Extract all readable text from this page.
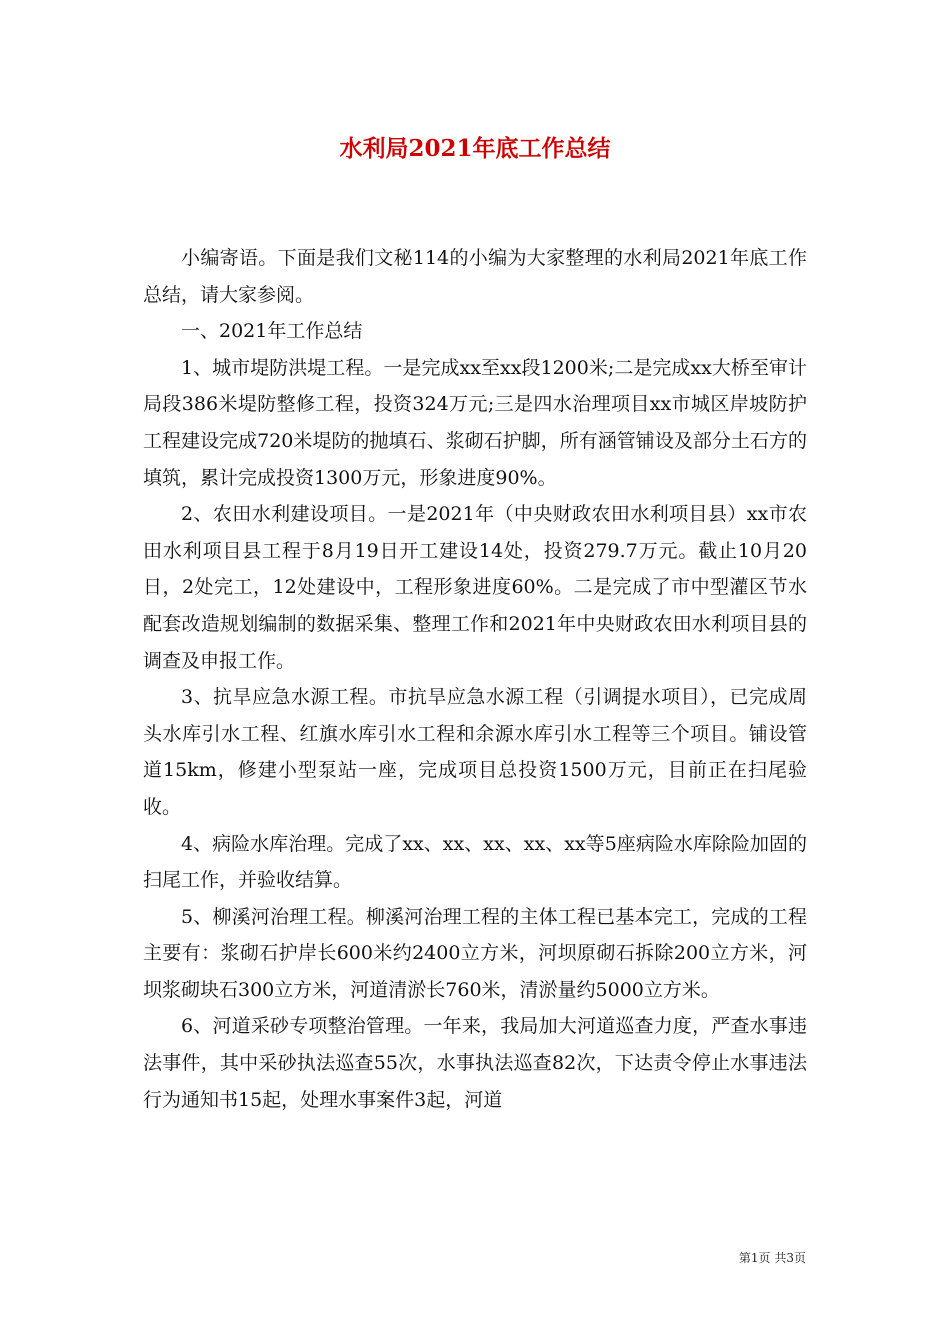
水利局2021年底工作总结

小编寄语。下面是我们文秘114的小编为大家整理的水利局2021年底工作总结，请大家参阅。

一、2021年工作总结

1、城市堤防洪堤工程。一是完成xx至xx段1200米;二是完成xx大桥至审计局段386米堤防整修工程，投资324万元;三是四水治理项目xx市城区岸坡防护工程建设完成720米堤防的抛填石、浆砌石护脚，所有涵管铺设及部分土石方的填筑，累计完成投资1300万元，形象进度90%。

2、农田水利建设项目。一是2021年（中央财政农田水利项目县）xx市农田水利项目县工程于8月19日开工建设14处，投资279.7万元。截止10月20日，2处完工，12处建设中，工程形象进度60%。二是完成了市中型灌区节水配套改造规划编制的数据采集、整理工作和2021年中央财政农田水利项目县的调查及申报工作。

3、抗旱应急水源工程。市抗旱应急水源工程（引调提水项目），已完成周头水库引水工程、红旗水库引水工程和余源水库引水工程等三个项目。铺设管道15km，修建小型泵站一座，完成项目总投资1500万元，目前正在扫尾验收。

4、病险水库治理。完成了xx、xx、xx、xx、xx等5座病险水库除险加固的扫尾工作，并验收结算。

5、柳溪河治理工程。柳溪河治理工程的主体工程已基本完工，完成的工程主要有：浆砌石护岸长600米约2400立方米，河坝原砌石拆除200立方米，河坝浆砌块石300立方米，河道清淤长760米，清淤量约5000立方米。

6、河道采砂专项整治管理。一年来，我局加大河道巡查力度，严查水事违法事件，其中采砂执法巡查55次，水事执法巡查82次，下达责令停止水事违法行为通知书15起，处理水事案件3起，河道

第1页 共3页
